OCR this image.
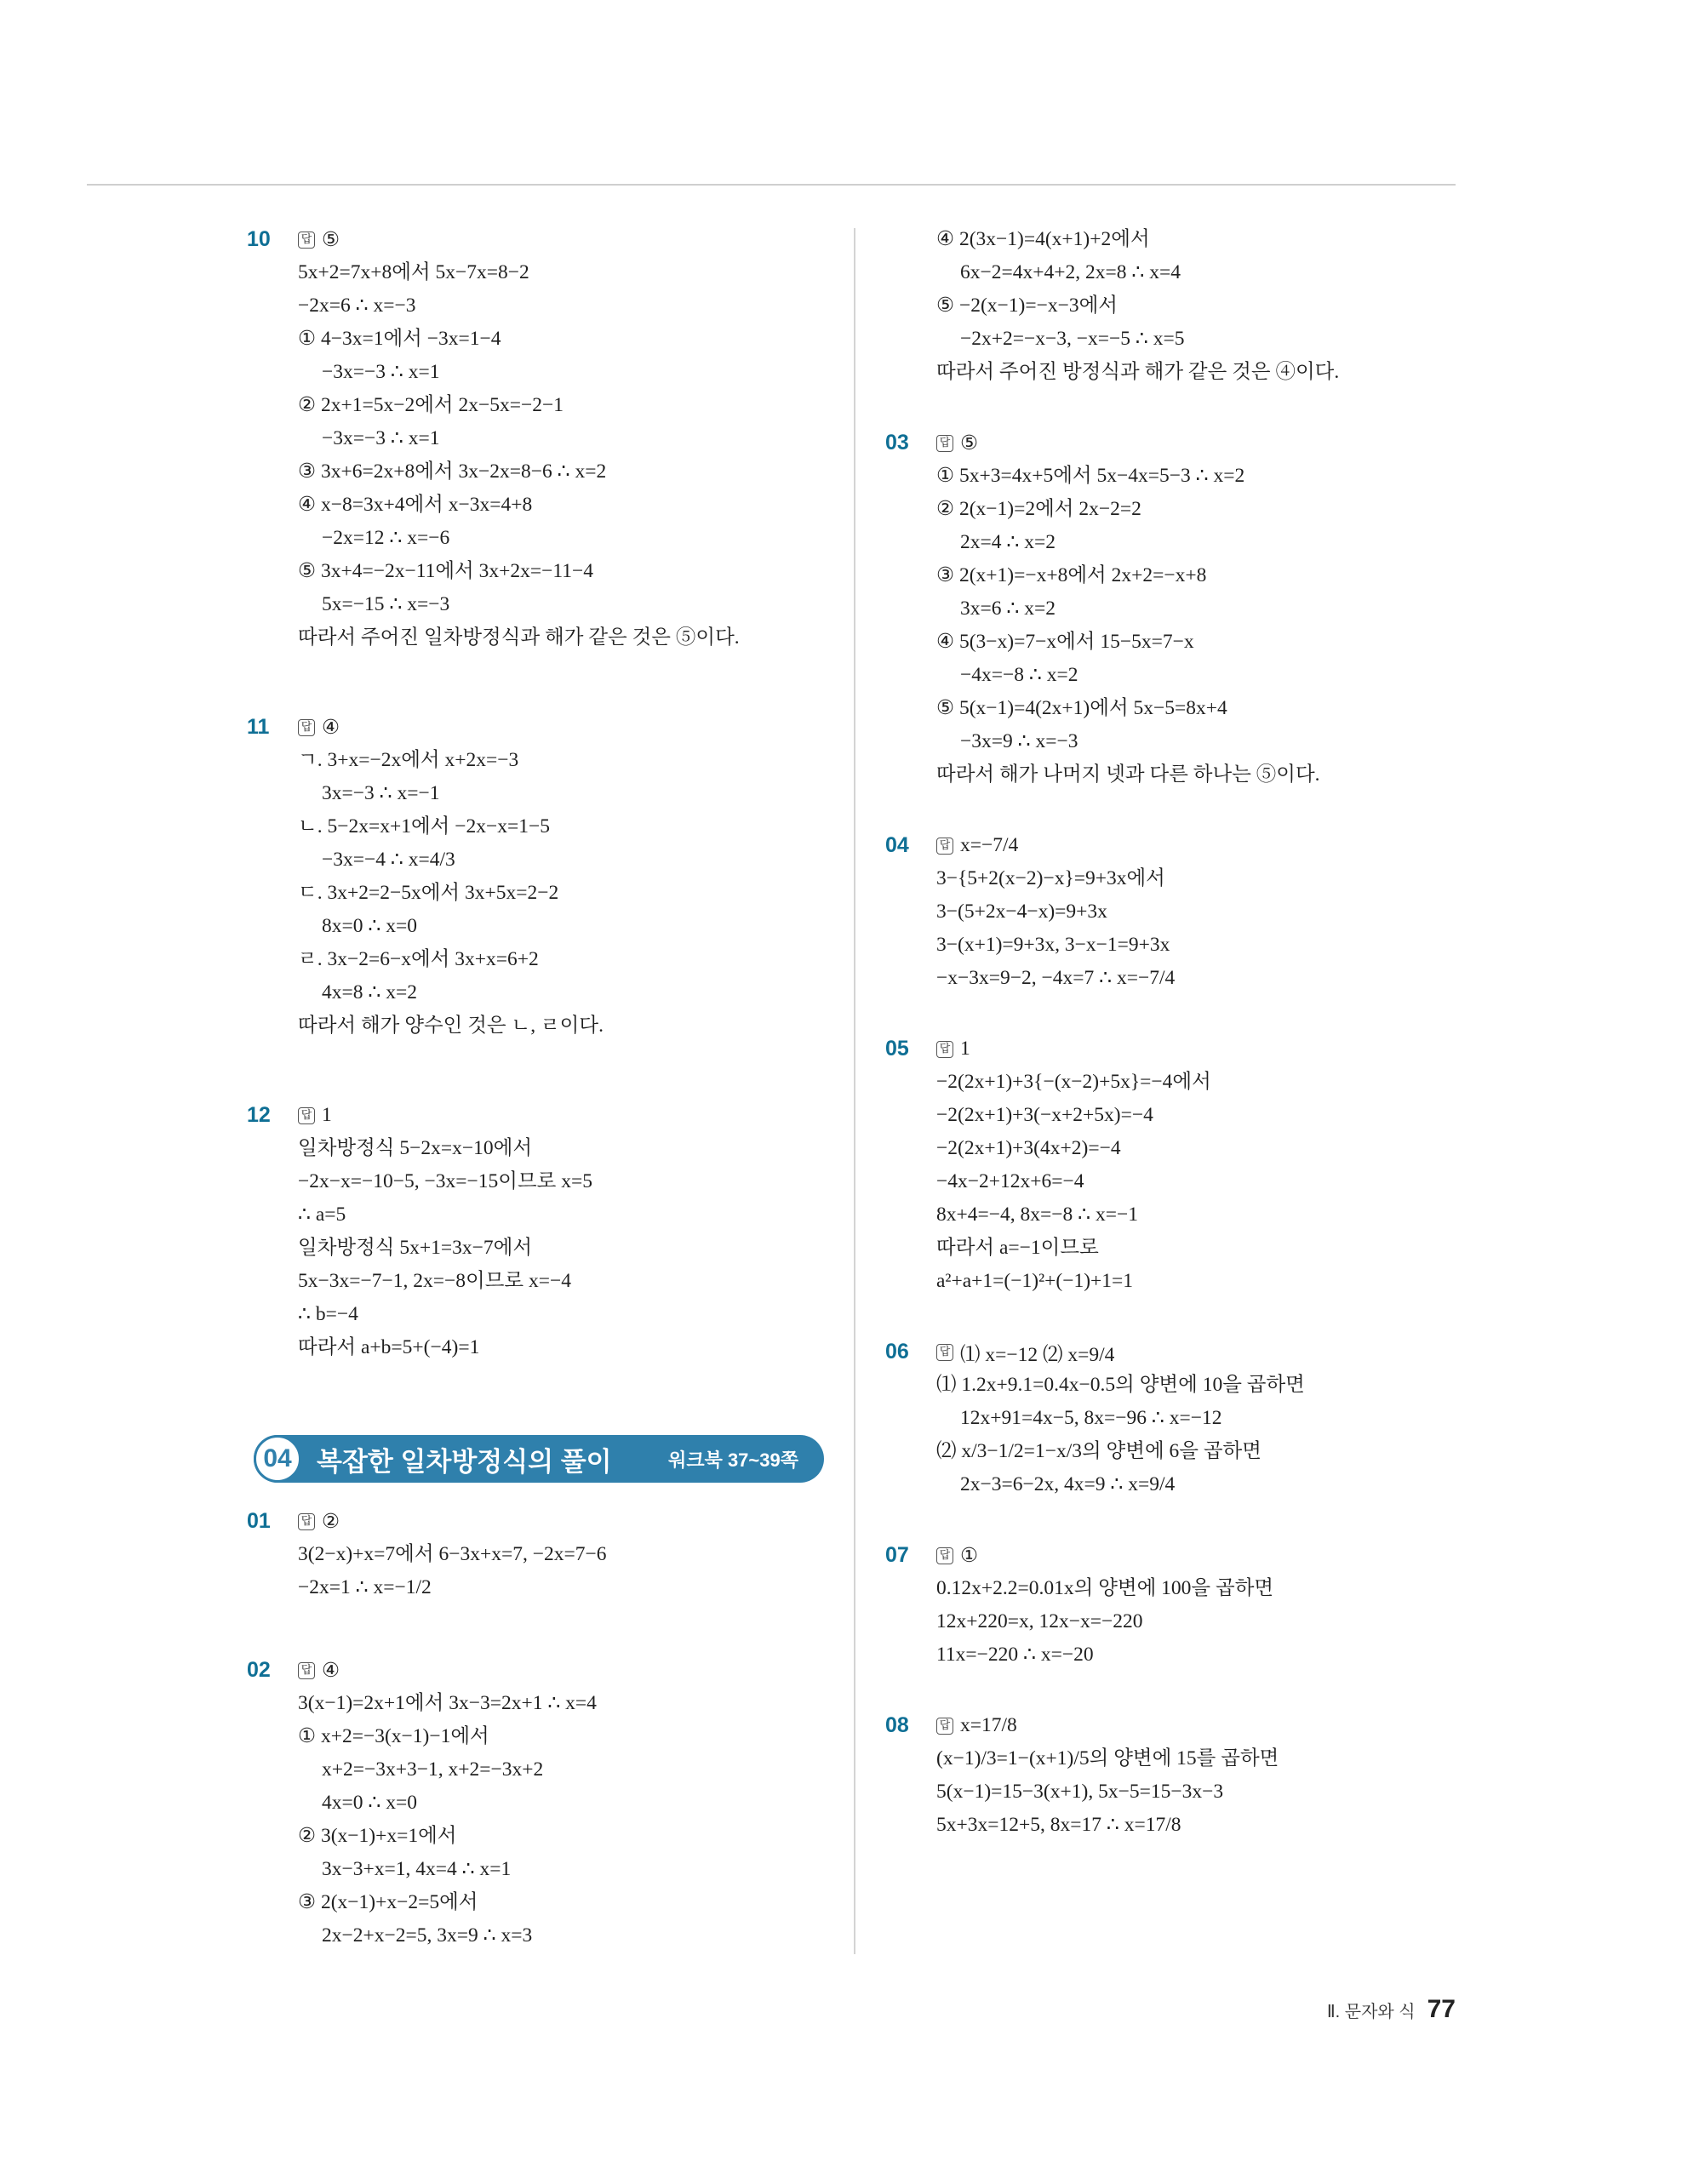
10	답 ⑤
5x+2=7x+8에서 5x−7x=8−2
−2x=6 ∴ x=−3
① 4−3x=1에서 −3x=1−4
−3x=−3 ∴ x=1
② 2x+1=5x−2에서 2x−5x=−2−1
−3x=−3 ∴ x=1
③ 3x+6=2x+8에서 3x−2x=8−6 ∴ x=2
④ x−8=3x+4에서 x−3x=4+8
−2x=12 ∴ x=−6
⑤ 3x+4=−2x−11에서 3x+2x=−11−4
5x=−15 ∴ x=−3
따라서 주어진 일차방정식과 해가 같은 것은 ⑤이다.
11	답 ④
ㄱ. 3+x=−2x에서 x+2x=−3
3x=−3 ∴ x=−1
ㄴ. 5−2x=x+1에서 −2x−x=1−5
−3x=−4 ∴ x=4/3
ㄷ. 3x+2=2−5x에서 3x+5x=2−2
8x=0 ∴ x=0
ㄹ. 3x−2=6−x에서 3x+x=6+2
4x=8 ∴ x=2
따라서 해가 양수인 것은 ㄴ, ㄹ이다.
12	답 1
일차방정식 5−2x=x−10에서
−2x−x=−10−5, −3x=−15이므로 x=5
∴ a=5
일차방정식 5x+1=3x−7에서
5x−3x=−7−1, 2x=−8이므로 x=−4
∴ b=−4
따라서 a+b=5+(−4)=1
01	답 ②
3(2−x)+x=7에서 6−3x+x=7, −2x=7−6
−2x=1 ∴ x=−1/2
02	답 ④
3(x−1)=2x+1에서 3x−3=2x+1 ∴ x=4
① x+2=−3(x−1)−1에서
x+2=−3x+3−1, x+2=−3x+2
4x=0 ∴ x=0
② 3(x−1)+x=1에서
3x−3+x=1, 4x=4 ∴ x=1
③ 2(x−1)+x−2=5에서
2x−2+x−2=5, 3x=9 ∴ x=3
04 복잡한 일차방정식의 풀이	워크북 37~39쪽
④ 2(3x−1)=4(x+1)+2에서
6x−2=4x+4+2, 2x=8 ∴ x=4
⑤ −2(x−1)=−x−3에서
−2x+2=−x−3, −x=−5 ∴ x=5
따라서 주어진 방정식과 해가 같은 것은 ④이다.
03	답 ⑤
① 5x+3=4x+5에서 5x−4x=5−3 ∴ x=2
② 2(x−1)=2에서 2x−2=2
2x=4 ∴ x=2
③ 2(x+1)=−x+8에서 2x+2=−x+8
3x=6 ∴ x=2
④ 5(3−x)=7−x에서 15−5x=7−x
−4x=−8 ∴ x=2
⑤ 5(x−1)=4(2x+1)에서 5x−5=8x+4
−3x=9 ∴ x=−3
따라서 해가 나머지 넷과 다른 하나는 ⑤이다.
04	답 x=−7/4
3−{5+2(x−2)−x}=9+3x에서
3−(5+2x−4−x)=9+3x
3−(x+1)=9+3x, 3−x−1=9+3x
−x−3x=9−2, −4x=7 ∴ x=−7/4
05	답 1
−2(2x+1)+3{−(x−2)+5x}=−4에서
−2(2x+1)+3(−x+2+5x)=−4
−2(2x+1)+3(4x+2)=−4
−4x−2+12x+6=−4
8x+4=−4, 8x=−8 ∴ x=−1
따라서 a=−1이므로
a²+a+1=(−1)²+(−1)+1=1
06	답 ⑴ x=−12 ⑵ x=9/4
⑴ 1.2x+9.1=0.4x−0.5의 양변에 10을 곱하면
12x+91=4x−5, 8x=−96 ∴ x=−12
⑵ x/3−1/2=1−x/3의 양변에 6을 곱하면
2x−3=6−2x, 4x=9 ∴ x=9/4
07	답 ①
0.12x+2.2=0.01x의 양변에 100을 곱하면
12x+220=x, 12x−x=−220
11x=−220 ∴ x=−20
08	답 x=17/8
(x−1)/3=1−(x+1)/5의 양변에 15를 곱하면
5(x−1)=15−3(x+1), 5x−5=15−3x−3
5x+3x=12+5, 8x=17 ∴ x=17/8
Ⅱ. 문자와 식 77
